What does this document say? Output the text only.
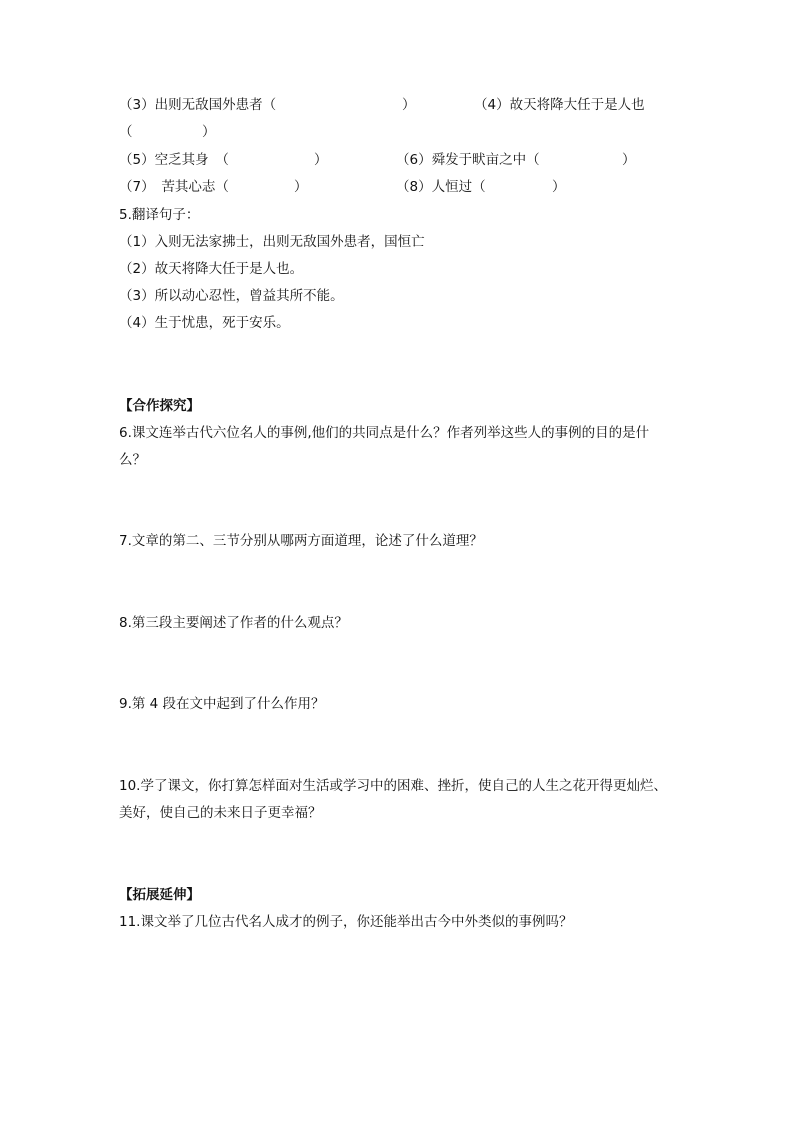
（3）出则无敌国外患者（	）	（4）故天将降大任于是人也
（	）
（5）空乏其身　（	）	（6）舜发于畎亩之中（	）
（7）　苦其心志（	）	（8）人恒过（	）
5.翻译句子：
（1）入则无法家拂士，出则无敌国外患者，国恒亡
（2）故天将降大任于是人也。
（3）所以动心忍性，曾益其所不能。
（4）生于忧患，死于安乐。
【合作探究】
6.课文连举古代六位名人的事例,他们的共同点是什么？作者列举这些人的事例的目的是什
么？
7.文章的第二、三节分别从哪两方面道理，论述了什么道理？
8.第三段主要阐述了作者的什么观点？
9.第 4 段在文中起到了什么作用？
10.学了课文，你打算怎样面对生活或学习中的困难、挫折，使自己的人生之花开得更灿烂、
美好，使自己的未来日子更幸福？
【拓展延伸】
11.课文举了几位古代名人成才的例子，你还能举出古今中外类似的事例吗？
